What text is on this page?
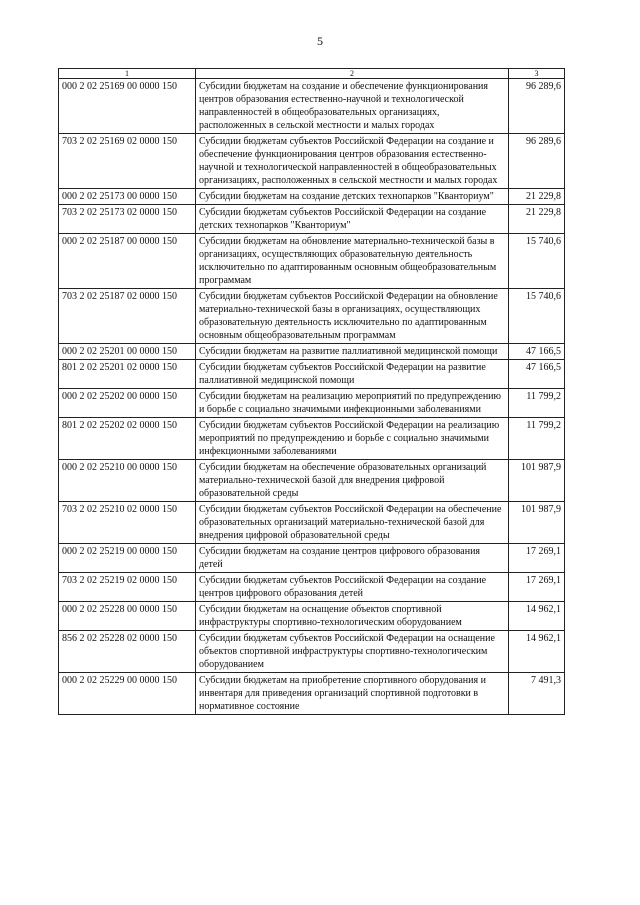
5
1	2	3
000 2 02 25169 00 0000 150	Субсидии бюджетам на создание и обеспечение функционирования центров образования естественно-научной и технологической направленностей в общеобразовательных организациях, расположенных в сельской местности и малых городах	96 289,6
703 2 02 25169 02 0000 150	Субсидии бюджетам субъектов Российской Федерации на создание и обеспечение функционирования центров образования естественно-научной и технологической направленностей в общеобразовательных организациях, расположенных в сельской местности и малых городах	96 289,6
000 2 02 25173 00 0000 150	Субсидии бюджетам на создание детских технопарков "Кванториум"	21 229,8
703 2 02 25173 02 0000 150	Субсидии бюджетам субъектов Российской Федерации на создание детских технопарков "Кванториум"	21 229,8
000 2 02 25187 00 0000 150	Субсидии бюджетам на обновление материально-технической базы в организациях, осуществляющих образовательную деятельность исключительно по адаптированным основным общеобразовательным программам	15 740,6
703 2 02 25187 02 0000 150	Субсидии бюджетам субъектов Российской Федерации на обновление материально-технической базы в организациях, осуществляющих образовательную деятельность исключительно по адаптированным основным общеобразовательным программам	15 740,6
000 2 02 25201 00 0000 150	Субсидии бюджетам на развитие паллиативной медицинской помощи	47 166,5
801 2 02 25201 02 0000 150	Субсидии бюджетам субъектов Российской Федерации на развитие паллиативной медицинской помощи	47 166,5
000 2 02 25202 00 0000 150	Субсидии бюджетам на реализацию мероприятий по предупреждению и борьбе с социально значимыми инфекционными заболеваниями	11 799,2
801 2 02 25202 02 0000 150	Субсидии бюджетам субъектов Российской Федерации на реализацию мероприятий по предупреждению и борьбе с социально значимыми инфекционными заболеваниями	11 799,2
000 2 02 25210 00 0000 150	Субсидии бюджетам на обеспечение образовательных организаций материально-технической базой для внедрения цифровой образовательной среды	101 987,9
703 2 02 25210 02 0000 150	Субсидии бюджетам субъектов Российской Федерации на обеспечение образовательных организаций материально-технической базой для внедрения цифровой образовательной среды	101 987,9
000 2 02 25219 00 0000 150	Субсидии бюджетам на создание центров цифрового образования детей	17 269,1
703 2 02 25219 02 0000 150	Субсидии бюджетам субъектов Российской Федерации на создание центров цифрового образования детей	17 269,1
000 2 02 25228 00 0000 150	Субсидии бюджетам на оснащение объектов спортивной инфраструктуры спортивно-технологическим оборудованием	14 962,1
856 2 02 25228 02 0000 150	Субсидии бюджетам субъектов Российской Федерации на оснащение объектов спортивной инфраструктуры спортивно-технологическим оборудованием	14 962,1
000 2 02 25229 00 0000 150	Субсидии бюджетам на приобретение спортивного оборудования и инвентаря для приведения организаций спортивной подготовки в нормативное состояние	7 491,3
